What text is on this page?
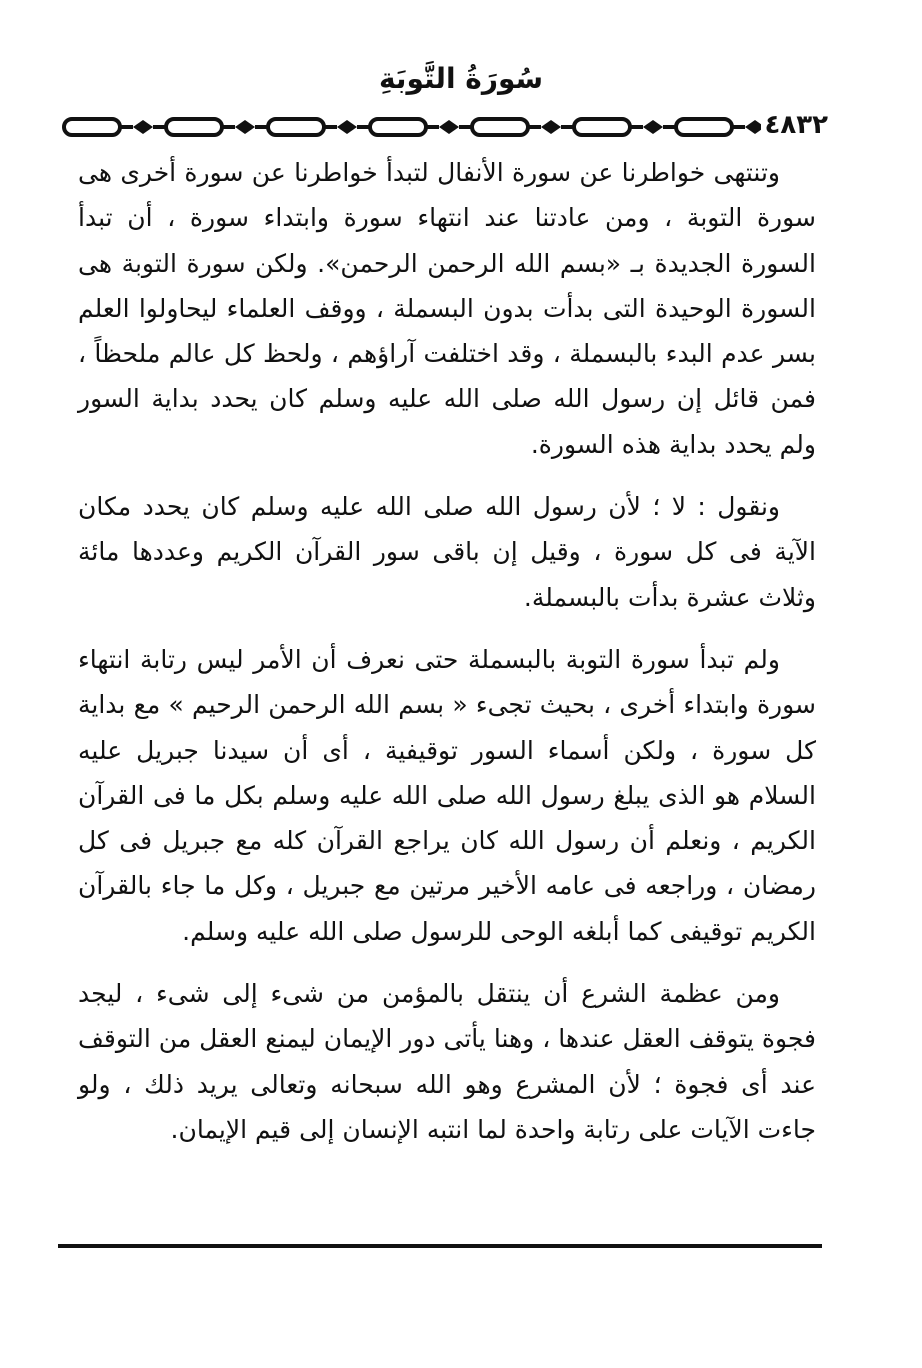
سُورَةُ التَّوبَةِ
٤٨٣٢

وتنتهى خواطرنا عن سورة الأنفال لتبدأ خواطرنا عن سورة أخرى هى سورة التوبة ، ومن عادتنا عند انتهاء سورة وابتداء سورة ، أن تبدأ السورة الجديدة بـ «بسم الله الرحمن الرحمن». ولكن سورة التوبة هى السورة الوحيدة التى بدأت بدون البسملة ، ووقف العلماء ليحاولوا العلم بسر عدم البدء بالبسملة ، وقد اختلفت آراؤهم ، ولحظ كل عالم ملحظاً ، فمن قائل إن رسول الله صلى الله عليه وسلم كان يحدد بداية السور ولم يحدد بداية هذه السورة.

ونقول : لا ؛ لأن رسول الله صلى الله عليه وسلم كان يحدد مكان الآية فى كل سورة ، وقيل إن باقى سور القرآن الكريم وعددها مائة وثلاث عشرة بدأت بالبسملة.

ولم تبدأ سورة التوبة بالبسملة حتى نعرف أن الأمر ليس رتابة انتهاء سورة وابتداء أخرى ، بحيث تجىء « بسم الله الرحمن الرحيم » مع بداية كل سورة ، ولكن أسماء السور توقيفية ، أى أن سيدنا جبريل عليه السلام هو الذى يبلغ رسول الله صلى الله عليه وسلم بكل ما فى القرآن الكريم ، ونعلم أن رسول الله كان يراجع القرآن كله مع جبريل فى كل رمضان ، وراجعه فى عامه الأخير مرتين مع جبريل ، وكل ما جاء بالقرآن الكريم توقيفى كما أبلغه الوحى للرسول صلى الله عليه وسلم.

ومن عظمة الشرع أن ينتقل بالمؤمن من شىء إلى شىء ، ليجد فجوة يتوقف العقل عندها ، وهنا يأتى دور الإيمان ليمنع العقل من التوقف عند أى فجوة ؛ لأن المشرع وهو الله سبحانه وتعالى يريد ذلك ، ولو جاءت الآيات على رتابة واحدة لما انتبه الإنسان إلى قيم الإيمان.
